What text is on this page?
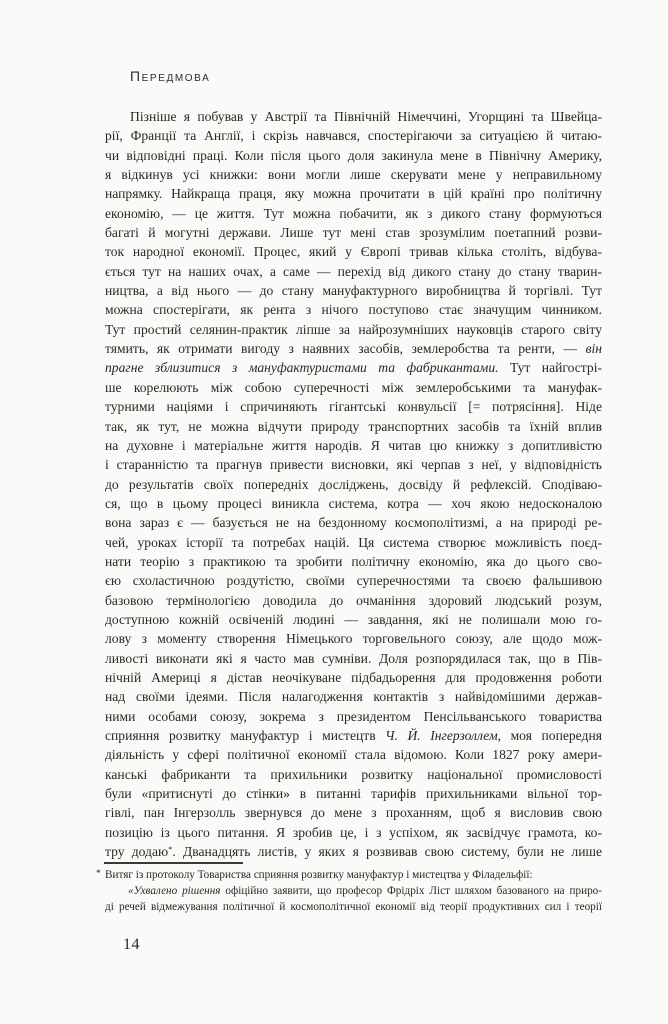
Передмова
Пізніше я побував у Австрії та Північній Німеччині, Угорщині та Швейца-
рії, Франції та Англії, і скрізь навчався, спостерігаючи за ситуацією й читаю-
чи відповідні праці. Коли після цього доля закинула мене в Північну Америку,
я відкинув усі книжки: вони могли лише скерувати мене у неправильному
напрямку. Найкраща праця, яку можна прочитати в цій країні про політичну
економію, — це життя. Тут можна побачити, як з дикого стану формуються
багаті й могутні держави. Лише тут мені став зрозумілим поетапний розви-
ток народної економії. Процес, який у Європі тривав кілька століть, відбува-
ється тут на наших очах, а саме — перехід від дикого стану до стану тварин-
ництва, а від нього — до стану мануфактурного виробництва й торгівлі. Тут
можна спостерігати, як рента з нічого поступово стає значущим чинником.
Тут простий селянин-практик ліпше за найрозумніших науковців старого світу
тямить, як отримати вигоду з наявних засобів, землеробства та ренти, — він
прагне зблизитися з мануфактуристами та фабрикантами. Тут найгострі-
ше корелюють між собою суперечності між землеробськими та мануфак-
турними націями і спричиняють гігантські конвульсії [= потрясіння]. Ніде
так, як тут, не можна відчути природу транспортних засобів та їхній вплив
на духовне і матеріальне життя народів. Я читав цю книжку з допитливістю
і старанністю та прагнув привести висновки, які черпав з неї, у відповідність
до результатів своїх попередніх досліджень, досвіду й рефлексій. Сподіваю-
ся, що в цьому процесі виникла система, котра — хоч якою недосконалою
вона зараз є — базується не на бездонному космополітизмі, а на природі ре-
чей, уроках історії та потребах націй. Ця система створює можливість поєд-
нати теорію з практикою та зробити політичну економію, яка до цього сво-
єю схоластичною роздутістю, своїми суперечностями та своєю фальшивою
базовою термінологією доводила до очманіння здоровий людський розум,
доступною кожній освіченій людині — завдання, які не полишали мою го-
лову з моменту створення Німецького торговельного союзу, але щодо мож-
ливості виконати які я часто мав сумніви. Доля розпорядилася так, що в Пів-
нічній Америці я дістав неочікуване підбадьорення для продовження роботи
над своїми ідеями. Після налагодження контактів з найвідомішими держав-
ними особами союзу, зокрема з президентом Пенсільванського товариства
сприяння розвитку мануфактур і мистецтв Ч. Й. Інгерзоллем, моя попередня
діяльність у сфері політичної економії стала відомою. Коли 1827 року амери-
канські фабриканти та прихильники розвитку національної промисловості
були «притиснуті до стінки» в питанні тарифів прихильниками вільної тор-
гівлі, пан Інгерзолль звернувся до мене з проханням, щоб я висловив свою
позицію із цього питання. Я зробив це, і з успіхом, як засвідчує грамота, ко-
тру додаю*. Дванадцять листів, у яких я розвивав свою систему, були не лише
* Витяг із протоколу Товариства сприяння розвитку мануфактур і мистецтва у Філадельфії:
«Ухвалено рішення офіційно заявити, що професор Фрідріх Ліст шляхом базованого на приро-
ді речей відмежування політичної й космополітичної економії від теорії продуктивних сил і теорії
14
